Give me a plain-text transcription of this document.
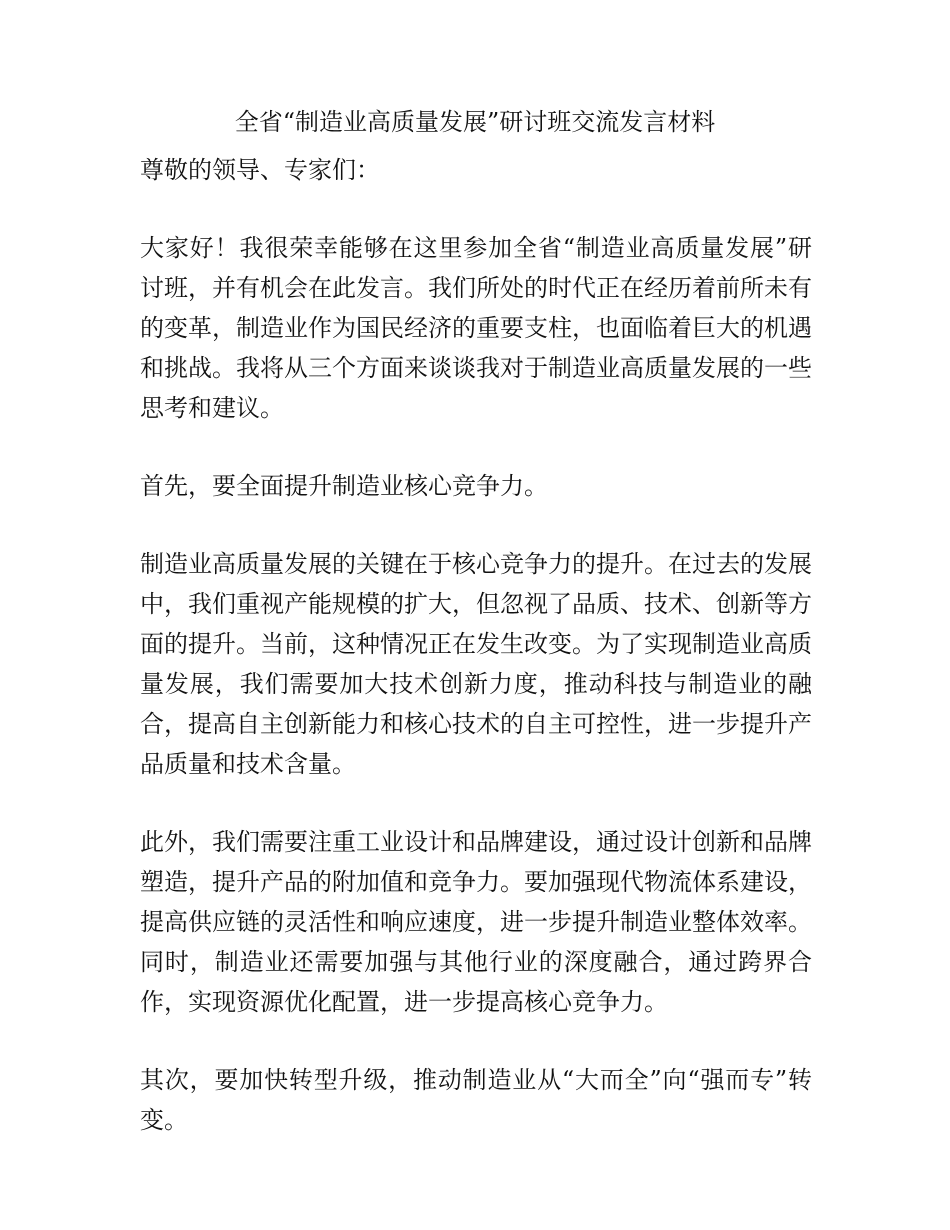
全省“制造业高质量发展”研讨班交流发言材料

尊敬的领导、专家们：

大家好！我很荣幸能够在这里参加全省“制造业高质量发展”研讨班，并有机会在此发言。我们所处的时代正在经历着前所未有的变革，制造业作为国民经济的重要支柱，也面临着巨大的机遇和挑战。我将从三个方面来谈谈我对于制造业高质量发展的一些思考和建议。

首先，要全面提升制造业核心竞争力。

制造业高质量发展的关键在于核心竞争力的提升。在过去的发展中，我们重视产能规模的扩大，但忽视了品质、技术、创新等方面的提升。当前，这种情况正在发生改变。为了实现制造业高质量发展，我们需要加大技术创新力度，推动科技与制造业的融合，提高自主创新能力和核心技术的自主可控性，进一步提升产品质量和技术含量。

此外，我们需要注重工业设计和品牌建设，通过设计创新和品牌塑造，提升产品的附加值和竞争力。要加强现代物流体系建设，提高供应链的灵活性和响应速度，进一步提升制造业整体效率。同时，制造业还需要加强与其他行业的深度融合，通过跨界合作，实现资源优化配置，进一步提高核心竞争力。

其次，要加快转型升级，推动制造业从“大而全”向“强而专”转变。
